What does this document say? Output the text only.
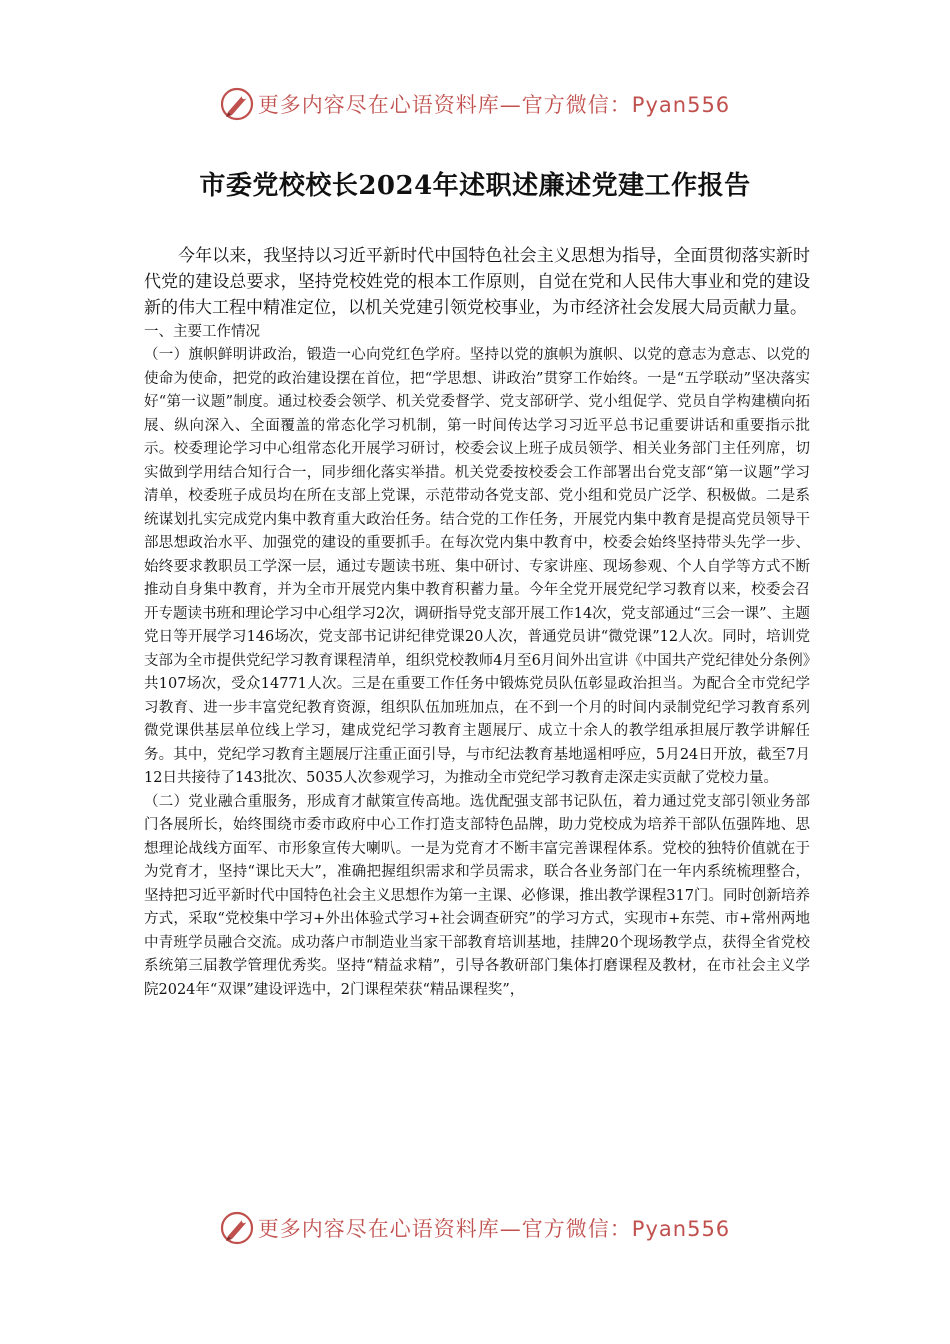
更多内容尽在心语资料库—官方微信：Pyan556
市委党校校长2024年述职述廉述党建工作报告

今年以来，我坚持以习近平新时代中国特色社会主义思想为指导，全面贯彻落实新时代党的建设总要求，坚持党校姓党的根本工作原则，自觉在党和人民伟大事业和党的建设新的伟大工程中精准定位，以机关党建引领党校事业，为市经济社会发展大局贡献力量。

一、主要工作情况

（一）旗帜鲜明讲政治，锻造一心向党红色学府。坚持以党的旗帜为旗帜、以党的意志为意志、以党的使命为使命，把党的政治建设摆在首位，把“学思想、讲政治”贯穿工作始终。一是“五学联动”坚决落实好“第一议题”制度。通过校委会领学、机关党委督学、党支部研学、党小组促学、党员自学构建横向拓展、纵向深入、全面覆盖的常态化学习机制，第一时间传达学习习近平总书记重要讲话和重要指示批示。校委理论学习中心组常态化开展学习研讨，校委会议上班子成员领学、相关业务部门主任列席，切实做到学用结合知行合一，同步细化落实举措。机关党委按校委会工作部署出台党支部“第一议题”学习清单，校委班子成员均在所在支部上党课，示范带动各党支部、党小组和党员广泛学、积极做。二是系统谋划扎实完成党内集中教育重大政治任务。结合党的工作任务，开展党内集中教育是提高党员领导干部思想政治水平、加强党的建设的重要抓手。在每次党内集中教育中，校委会始终坚持带头先学一步、始终要求教职员工学深一层，通过专题读书班、集中研讨、专家讲座、现场参观、个人自学等方式不断推动自身集中教育，并为全市开展党内集中教育积蓄力量。今年全党开展党纪学习教育以来，校委会召开专题读书班和理论学习中心组学习2次，调研指导党支部开展工作14次，党支部通过“三会一课”、主题党日等开展学习146场次，党支部书记讲纪律党课20人次，普通党员讲“微党课”12人次。同时，培训党支部为全市提供党纪学习教育课程清单，组织党校教师4月至6月间外出宣讲《中国共产党纪律处分条例》共107场次，受众14771人次。三是在重要工作任务中锻炼党员队伍彰显政治担当。为配合全市党纪学习教育、进一步丰富党纪教育资源，组织队伍加班加点，在不到一个月的时间内录制党纪学习教育系列微党课供基层单位线上学习，建成党纪学习教育主题展厅、成立十余人的教学组承担展厅教学讲解任务。其中，党纪学习教育主题展厅注重正面引导，与市纪法教育基地遥相呼应，5月24日开放，截至7月12日共接待了143批次、5035人次参观学习，为推动全市党纪学习教育走深走实贡献了党校力量。

（二）党业融合重服务，形成育才献策宣传高地。选优配强支部书记队伍，着力通过党支部引领业务部门各展所长，始终围绕市委市政府中心工作打造支部特色品牌，助力党校成为培养干部队伍强阵地、思想理论战线方面军、市形象宣传大喇叭。一是为党育才不断丰富完善课程体系。党校的独特价值就在于为党育才，坚持“课比天大”，准确把握组织需求和学员需求，联合各业务部门在一年内系统梳理整合，坚持把习近平新时代中国特色社会主义思想作为第一主课、必修课，推出教学课程317门。同时创新培养方式，采取“党校集中学习+外出体验式学习+社会调查研究”的学习方式，实现市+东莞、市+常州两地中青班学员融合交流。成功落户市制造业当家干部教育培训基地，挂牌20个现场教学点，获得全省党校系统第三届教学管理优秀奖。坚持“精益求精”，引导各教研部门集体打磨课程及教材，在市社会主义学院2024年“双课”建设评选中，2门课程荣获“精品课程奖”，

更多内容尽在心语资料库—官方微信：Pyan556
